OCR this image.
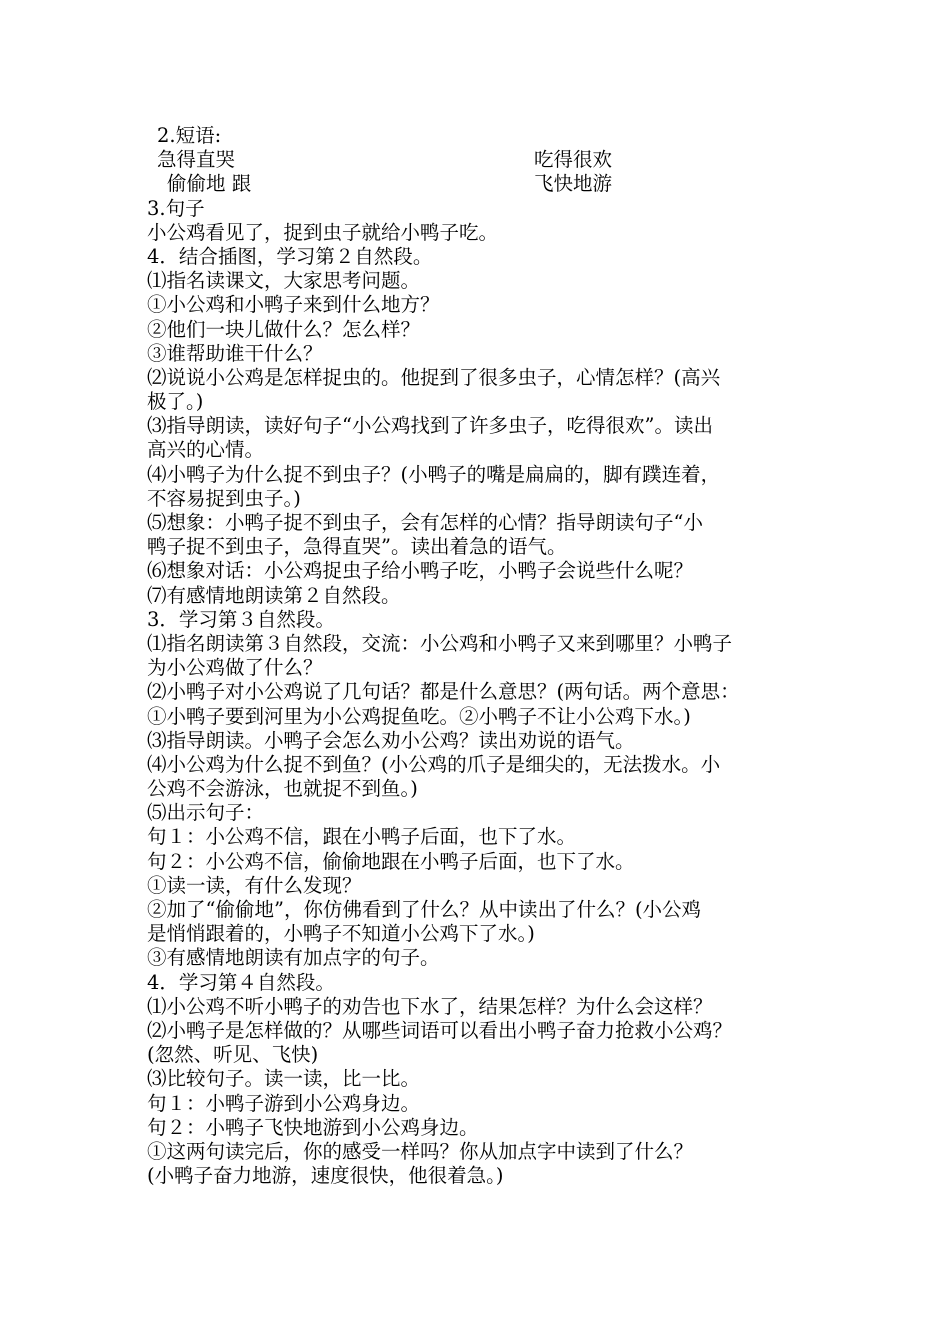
2.短语:
急得直哭	吃得很欢
偷偷地 跟	飞快地游
3.句子
小公鸡看见了，捉到虫子就给小鸭子吃。
4．结合插图，学习第２自然段。
⑴指名读课文，大家思考问题。
①小公鸡和小鸭子来到什么地方？
②他们一块儿做什么？怎么样？
③谁帮助谁干什么？
⑵说说小公鸡是怎样捉虫的。他捉到了很多虫子，心情怎样？(高兴
极了。)
⑶指导朗读，读好句子“小公鸡找到了许多虫子，吃得很欢”。读出
高兴的心情。
⑷小鸭子为什么捉不到虫子？(小鸭子的嘴是扁扁的，脚有蹼连着，
不容易捉到虫子。)
⑸想象：小鸭子捉不到虫子，会有怎样的心情？指导朗读句子“小
鸭子捉不到虫子，急得直哭”。读出着急的语气。
⑹想象对话：小公鸡捉虫子给小鸭子吃，小鸭子会说些什么呢？
⑺有感情地朗读第２自然段。
3．学习第３自然段。
⑴指名朗读第３自然段，交流：小公鸡和小鸭子又来到哪里？小鸭子
为小公鸡做了什么？
⑵小鸭子对小公鸡说了几句话？都是什么意思？(两句话。两个意思：
①小鸭子要到河里为小公鸡捉鱼吃。②小鸭子不让小公鸡下水。)
⑶指导朗读。小鸭子会怎么劝小公鸡？读出劝说的语气。
⑷小公鸡为什么捉不到鱼？(小公鸡的爪子是细尖的，无法拨水。小
公鸡不会游泳，也就捉不到鱼。)
⑸出示句子：
句１：小公鸡不信，跟在小鸭子后面，也下了水。
句２：小公鸡不信，偷偷地跟在小鸭子后面，也下了水。
①读一读，有什么发现？
②加了“偷偷地”，你仿佛看到了什么？从中读出了什么？(小公鸡
是悄悄跟着的，小鸭子不知道小公鸡下了水。)
③有感情地朗读有加点字的句子。
4．学习第４自然段。
⑴小公鸡不听小鸭子的劝告也下水了，结果怎样？为什么会这样？
⑵小鸭子是怎样做的？从哪些词语可以看出小鸭子奋力抢救小公鸡？
(忽然、听见、飞快)
⑶比较句子。读一读，比一比。
句１：小鸭子游到小公鸡身边。
句２：小鸭子飞快地游到小公鸡身边。
①这两句读完后，你的感受一样吗？你从加点字中读到了什么？
(小鸭子奋力地游，速度很快，他很着急。)
